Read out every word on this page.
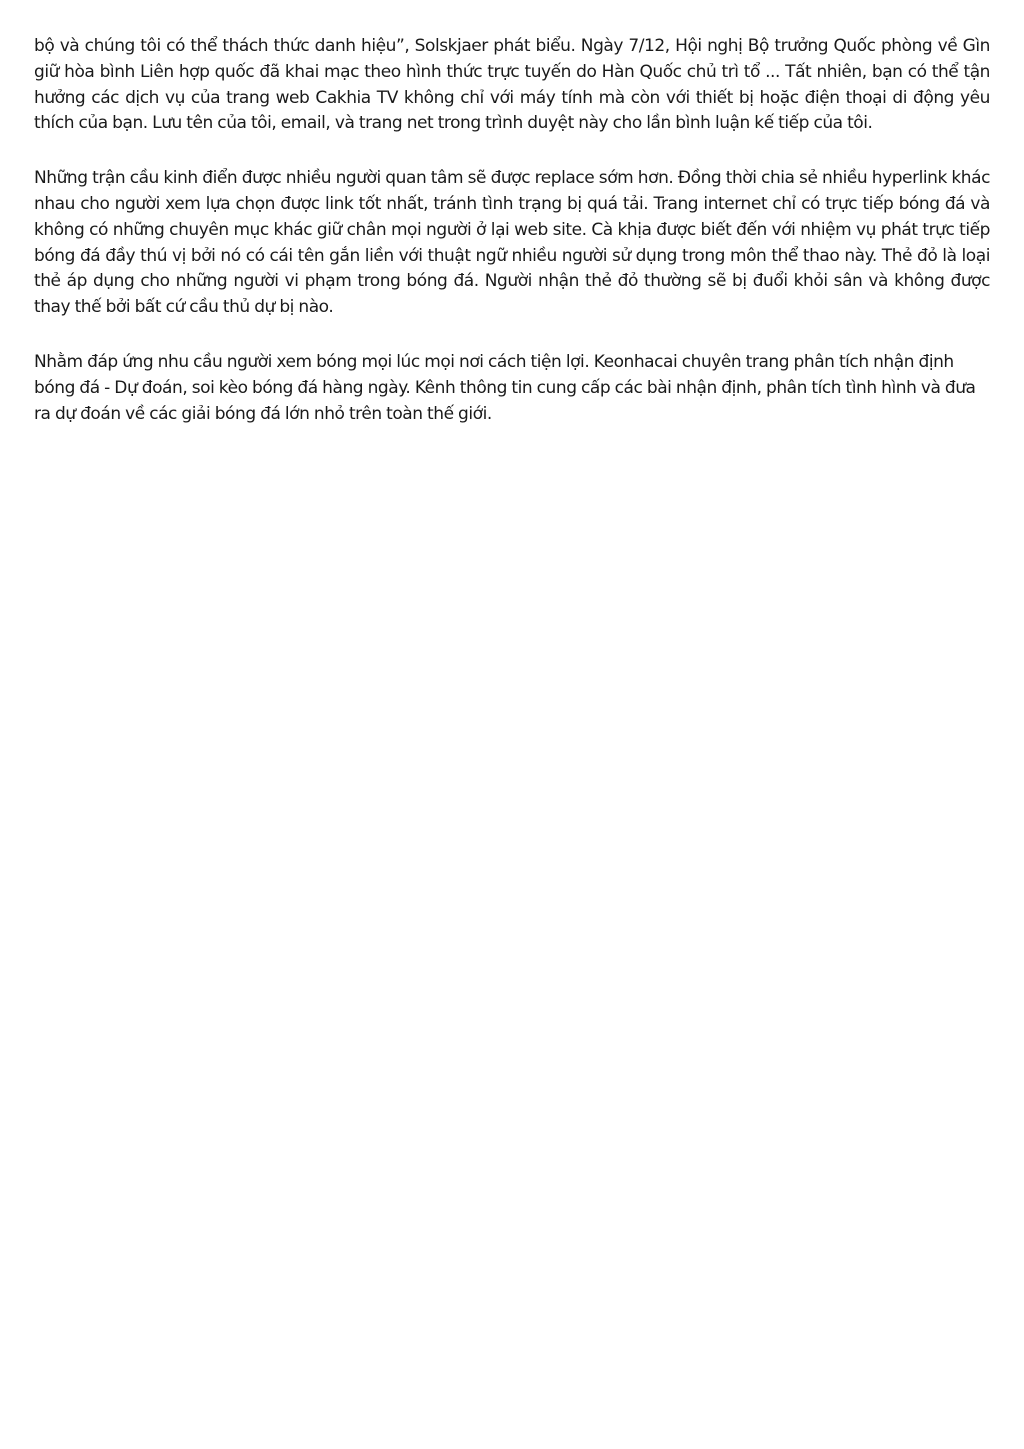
bộ và chúng tôi có thể thách thức danh hiệu”, Solskjaer phát biểu. Ngày 7/12, Hội nghị Bộ trưởng Quốc phòng về Gìn giữ hòa bình Liên hợp quốc đã khai mạc theo hình thức trực tuyến do Hàn Quốc chủ trì tổ ... Tất nhiên, bạn có thể tận hưởng các dịch vụ của trang web Cakhia TV không chỉ với máy tính mà còn với thiết bị hoặc điện thoại di động yêu thích của bạn. Lưu tên của tôi, email, và trang net trong trình duyệt này cho lần bình luận kế tiếp của tôi.

Những trận cầu kinh điển được nhiều người quan tâm sẽ được replace sớm hơn. Đồng thời chia sẻ nhiều hyperlink khác nhau cho người xem lựa chọn được link tốt nhất, tránh tình trạng bị quá tải. Trang internet chỉ có trực tiếp bóng đá và không có những chuyên mục khác giữ chân mọi người ở lại web site. Cà khịa được biết đến với nhiệm vụ phát trực tiếp bóng đá đầy thú vị bởi nó có cái tên gắn liền với thuật ngữ nhiều người sử dụng trong môn thể thao này. Thẻ đỏ là loại thẻ áp dụng cho những người vi phạm trong bóng đá. Người nhận thẻ đỏ thường sẽ bị đuổi khỏi sân và không được thay thế bởi bất cứ cầu thủ dự bị nào.

Nhằm đáp ứng nhu cầu người xem bóng mọi lúc mọi nơi cách tiện lợi. Keonhacai chuyên trang phân tích nhận định bóng đá - Dự đoán, soi kèo bóng đá hàng ngày. Kênh thông tin cung cấp các bài nhận định, phân tích tình hình và đưa ra dự đoán về các giải bóng đá lớn nhỏ trên toàn thế giới.
